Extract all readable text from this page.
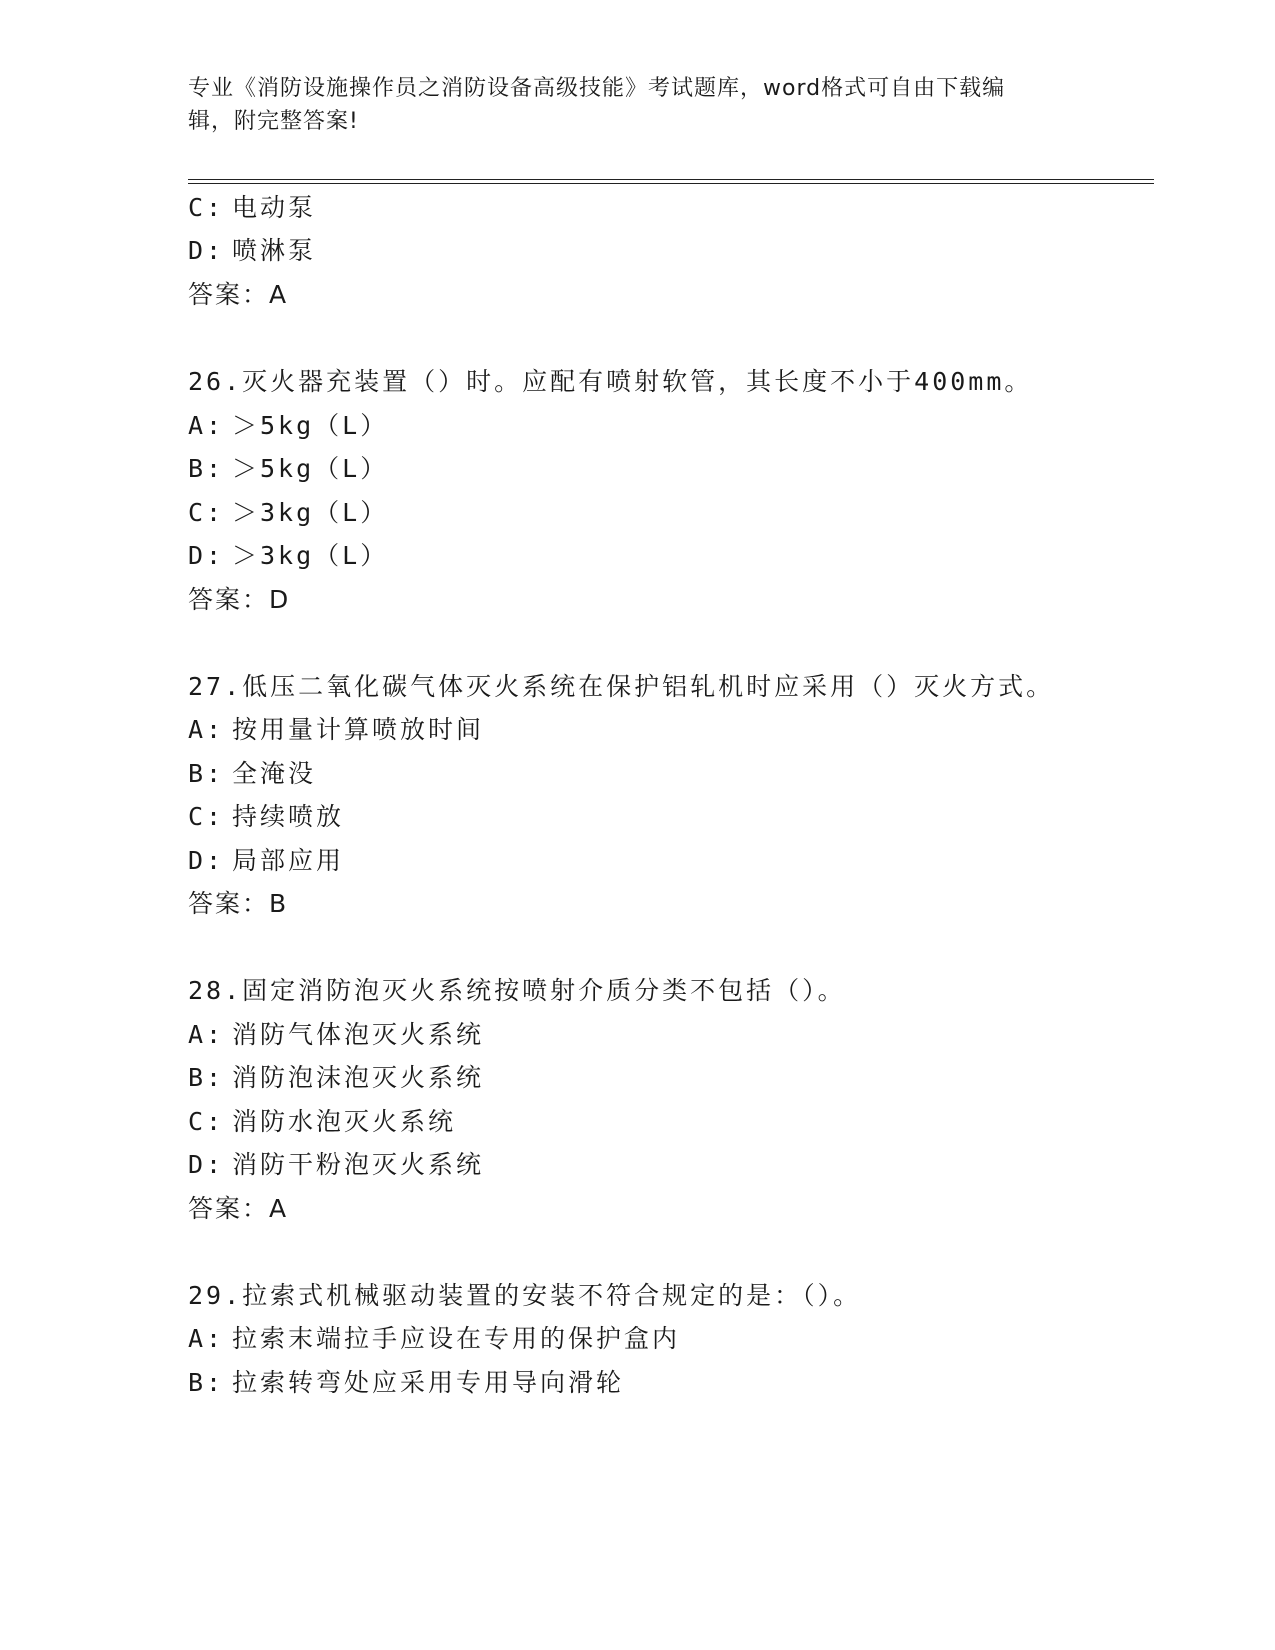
专业《消防设施操作员之消防设备高级技能》考试题库，word格式可自由下载编
辑，附完整答案!
C: 电动泵
D: 喷淋泵
答案：A
26.灭火器充装置（）时。应配有喷射软管，其长度不小于400mm。
A: ＞5kg（L）
B: ＞5kg（L）
C: ＞3kg（L）
D: ＞3kg（L）
答案：D
27.低压二氧化碳气体灭火系统在保护铝轧机时应采用（）灭火方式。
A: 按用量计算喷放时间
B: 全淹没
C: 持续喷放
D: 局部应用
答案：B
28.固定消防泡灭火系统按喷射介质分类不包括（）。
A: 消防气体泡灭火系统
B: 消防泡沫泡灭火系统
C: 消防水泡灭火系统
D: 消防干粉泡灭火系统
答案：A
29.拉索式机械驱动装置的安装不符合规定的是：（）。
A: 拉索末端拉手应设在专用的保护盒内
B: 拉索转弯处应采用专用导向滑轮
